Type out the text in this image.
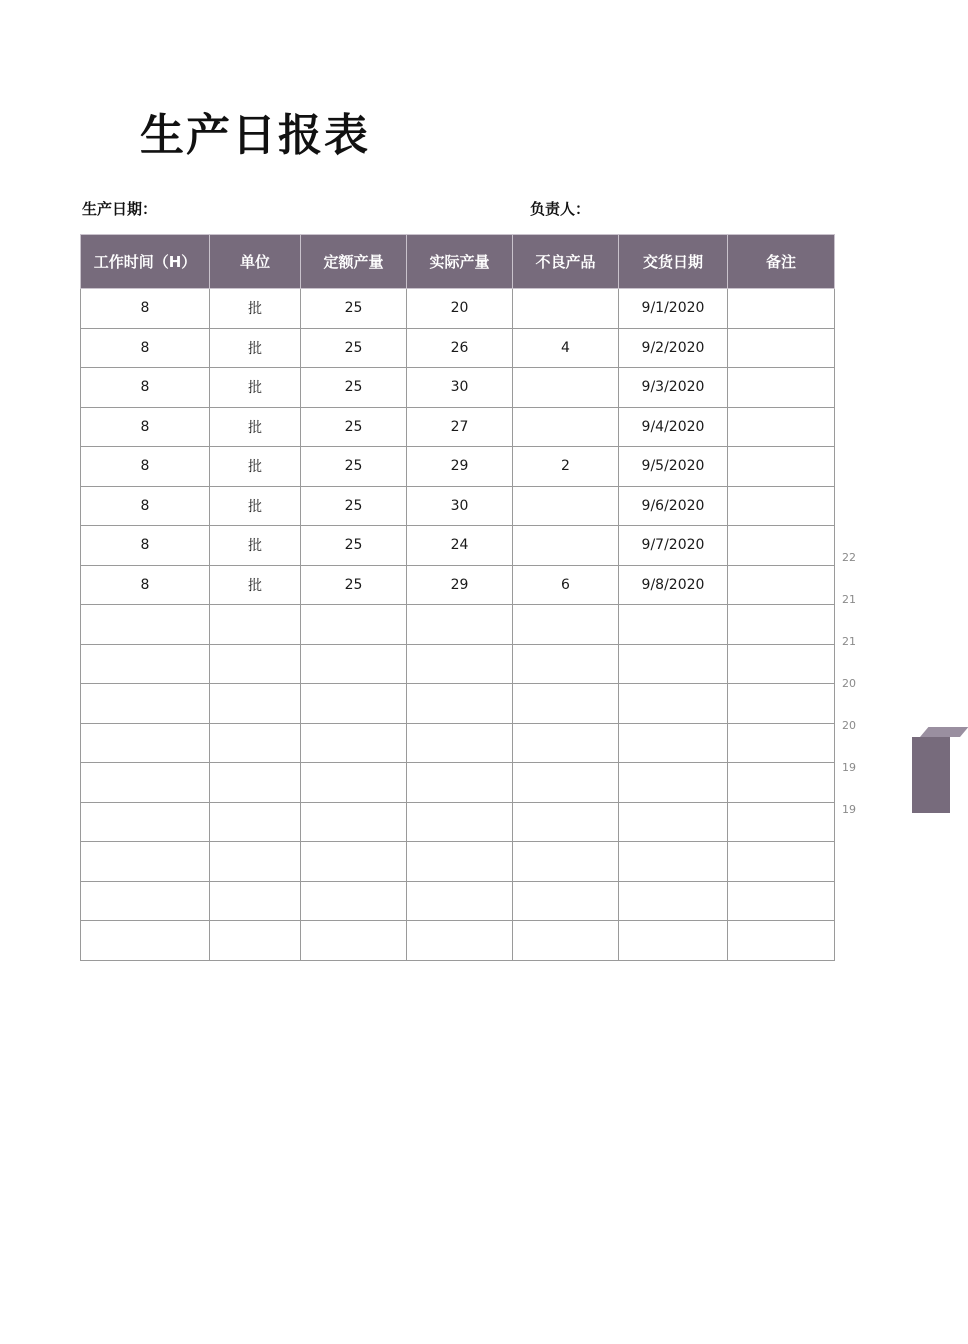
生产日报表
生产日期：	负责人：
工作时间（H）	单位	定额产量	实际产量	不良产品	交货日期	备注
8	批	25	20		9/1/2020	
8	批	25	26	4	9/2/2020	
8	批	25	30		9/3/2020	
8	批	25	27		9/4/2020	
8	批	25	29	2	9/5/2020	
8	批	25	30		9/6/2020	
8	批	25	24		9/7/2020	
8	批	25	29	6	9/8/2020	

22
21
21
20
20
19
19
